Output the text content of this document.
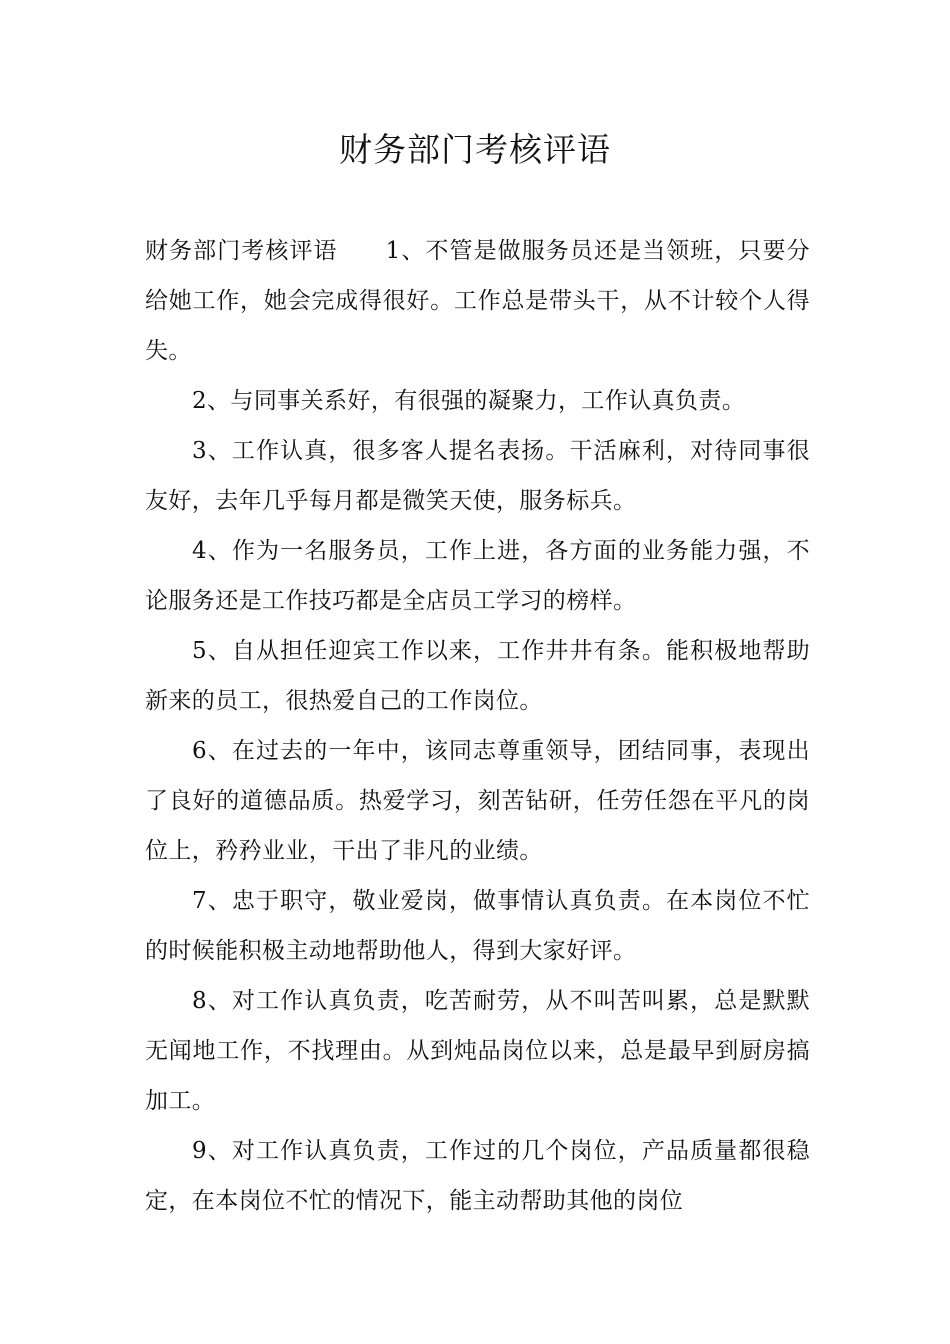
财务部门考核评语

财务部门考核评语 1、不管是做服务员还是当领班，只要分给她工作，她会完成得很好。工作总是带头干，从不计较个人得失。

2、与同事关系好，有很强的凝聚力，工作认真负责。

3、工作认真，很多客人提名表扬。干活麻利，对待同事很友好，去年几乎每月都是微笑天使，服务标兵。

4、作为一名服务员，工作上进，各方面的业务能力强，不论服务还是工作技巧都是全店员工学习的榜样。

5、自从担任迎宾工作以来，工作井井有条。能积极地帮助新来的员工，很热爱自己的工作岗位。

6、在过去的一年中，该同志尊重领导，团结同事，表现出了良好的道德品质。热爱学习，刻苦钻研，任劳任怨在平凡的岗位上，矜矜业业，干出了非凡的业绩。

7、忠于职守，敬业爱岗，做事情认真负责。在本岗位不忙的时候能积极主动地帮助他人，得到大家好评。

8、对工作认真负责，吃苦耐劳，从不叫苦叫累，总是默默无闻地工作，不找理由。从到炖品岗位以来，总是最早到厨房搞加工。

9、对工作认真负责，工作过的几个岗位，产品质量都很稳定，在本岗位不忙的情况下，能主动帮助其他的岗位
